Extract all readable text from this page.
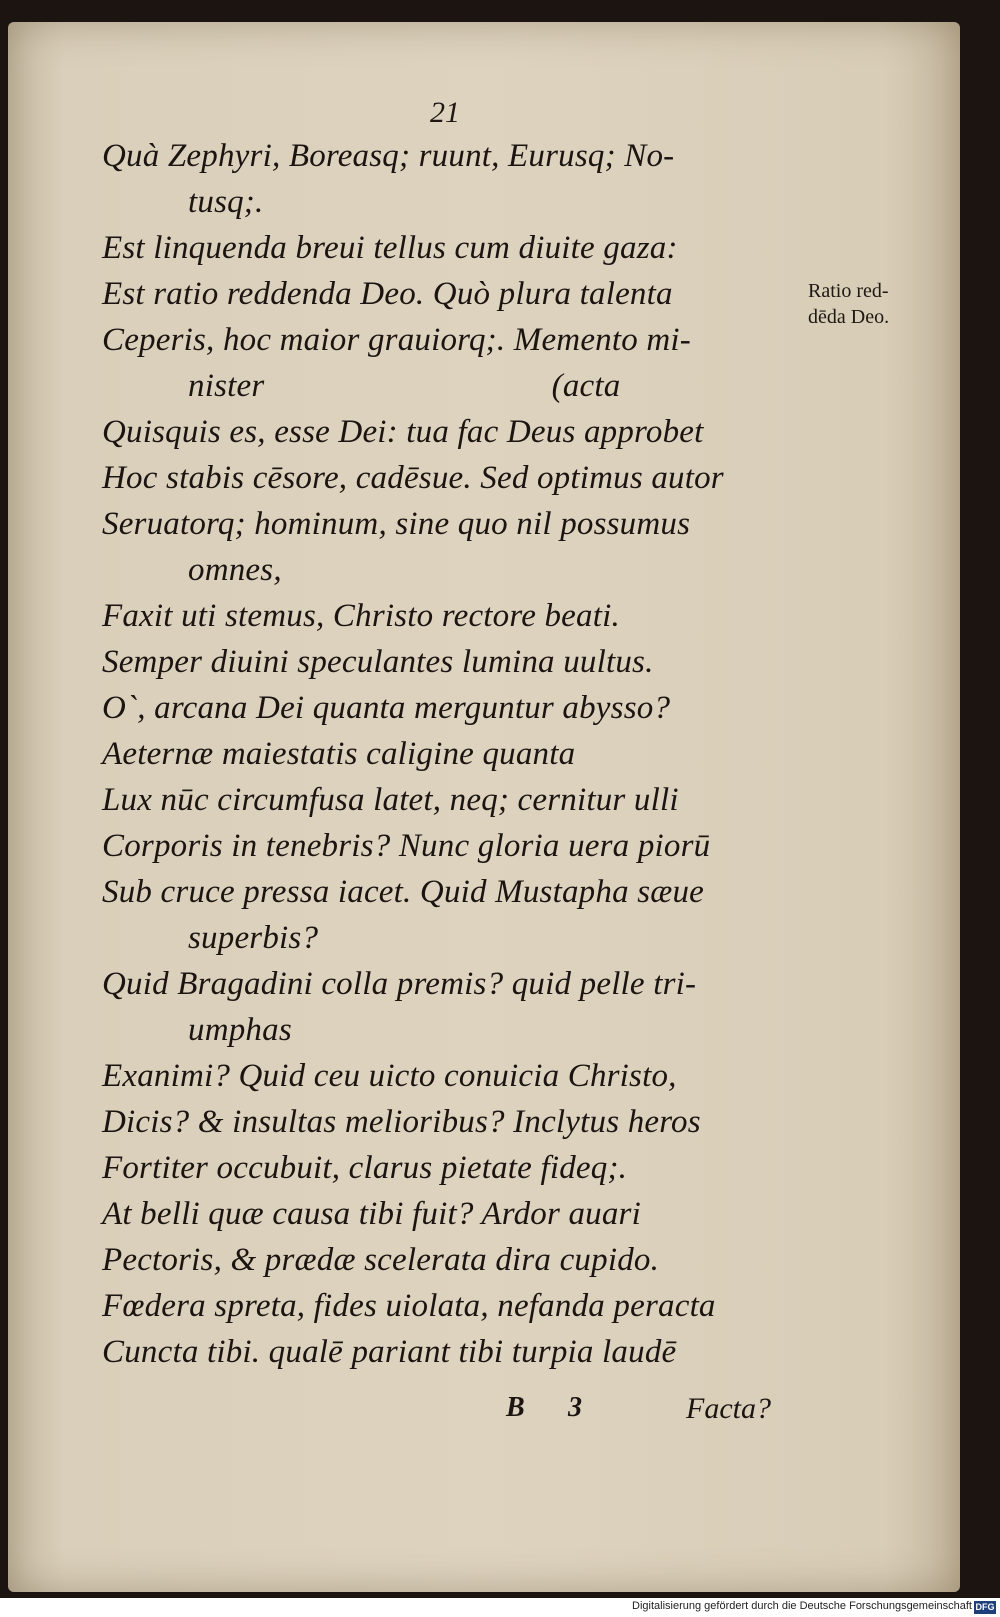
21
Quà Zephyri, Boreasq; ruunt, Eurusq; No-
tusq;.
Est linquenda breui tellus cum diuite gaza:
Est ratio reddenda Deo. Quò plura talenta
Ceperis, hoc maior grauiorq;. Memento mi-
nister                                  (acta
Quisquis es, esse Dei: tua fac Deus approbet
Hoc stabis cēsore, cadēsue. Sed optimus autor
Seruatorq; hominum, sine quo nil possumus
omnes,
Faxit uti stemus, Christo rectore beati.
Semper diuini speculantes lumina uultus.
O`, arcana Dei quanta merguntur abysso?
Aeternæ maiestatis caligine quanta
Lux nūc circumfusa latet, neq; cernitur ulli
Corporis in tenebris? Nunc gloria uera piorū
Sub cruce pressa iacet. Quid Mustapha sæue
superbis?
Quid Bragadini colla premis? quid pelle tri-
umphas
Exanimi? Quid ceu uicto conuicia Christo,
Dicis? & insultas melioribus? Inclytus heros
Fortiter occubuit, clarus pietate fideq;.
At belli quæ causa tibi fuit? Ardor auari
Pectoris, & prædæ scelerata dira cupido.
Fœdera spreta, fides uiolata, nefanda peracta
Cuncta tibi. qualē pariant tibi turpia laudē
Ratio red-
dēda Deo.
B 3	Facta?
Digitalisierung gefördert durch die Deutsche Forschungsgemeinschaft DFG
